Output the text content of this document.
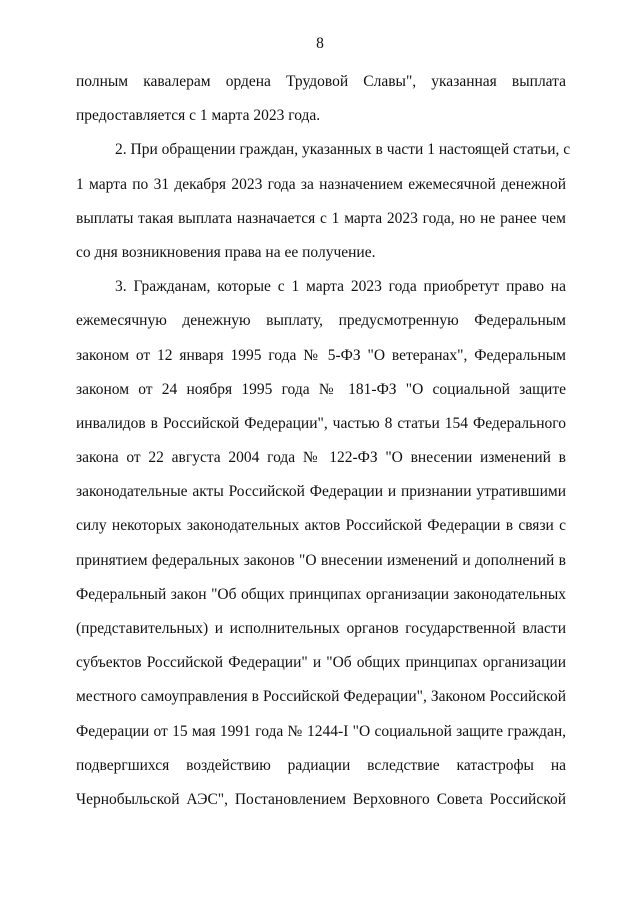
8
полным кавалерам ордена Трудовой Славы", указанная выплата
предоставляется с 1 марта 2023 года.
2. При обращении граждан, указанных в части 1 настоящей статьи, с
1 марта по 31 декабря 2023 года за назначением ежемесячной денежной
выплаты такая выплата назначается с 1 марта 2023 года, но не ранее чем
со дня возникновения права на ее получение.
3. Гражданам, которые с 1 марта 2023 года приобретут право на
ежемесячную денежную выплату, предусмотренную Федеральным
законом от 12 января 1995 года № 5-ФЗ "О ветеранах", Федеральным
законом от 24 ноября 1995 года № 181-ФЗ "О социальной защите
инвалидов в Российской Федерации", частью 8 статьи 154 Федерального
закона от 22 августа 2004 года № 122-ФЗ "О внесении изменений в
законодательные акты Российской Федерации и признании утратившими
силу некоторых законодательных актов Российской Федерации в связи с
принятием федеральных законов "О внесении изменений и дополнений в
Федеральный закон "Об общих принципах организации законодательных
(представительных) и исполнительных органов государственной власти
субъектов Российской Федерации" и "Об общих принципах организации
местного самоуправления в Российской Федерации", Законом Российской
Федерации от 15 мая 1991 года № 1244-I "О социальной защите граждан,
подвергшихся воздействию радиации вследствие катастрофы на
Чернобыльской АЭС", Постановлением Верховного Совета Российской
